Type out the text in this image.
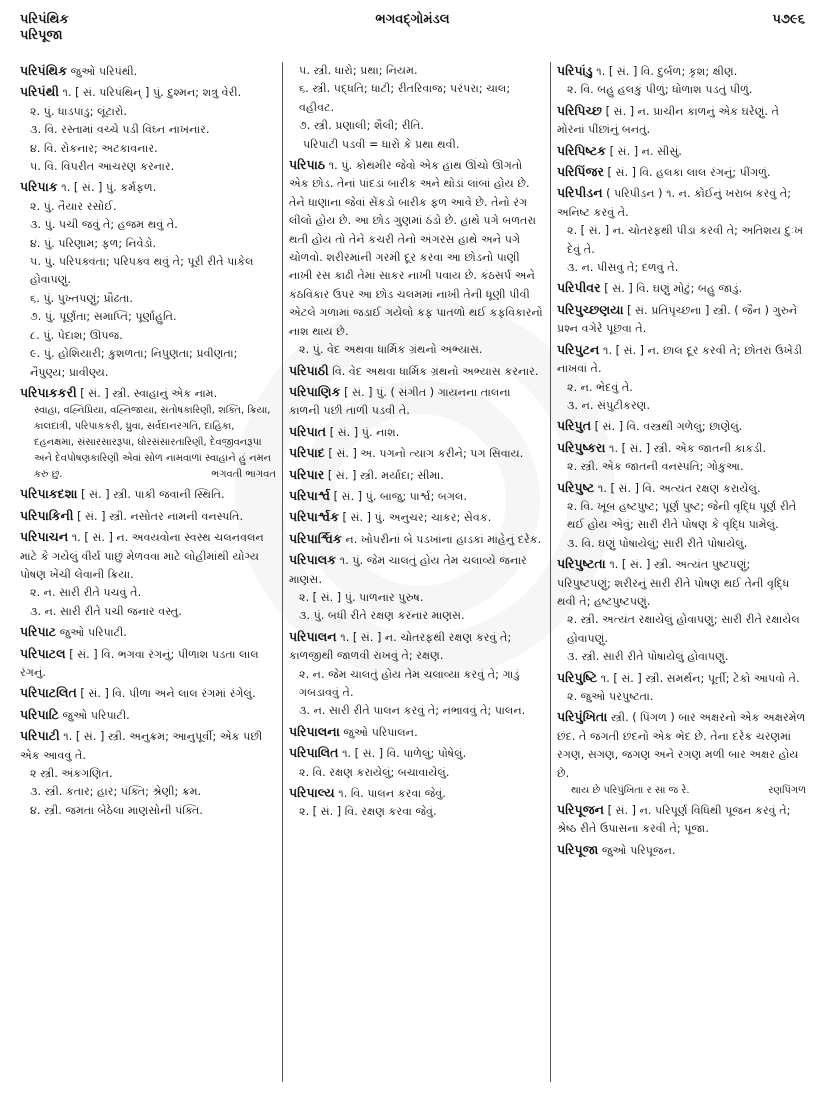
પરિપંથિક
પરિપૂજા
ભગવદ્ગોમંડલ	પ૭૯૬
પરિપંથિક જુઓ પરિપંથી.
પરિપંથી ૧. [ સં. પરિપંથિન્ ] પું. દુશ્મન; શત્રુ વેરી.
૨. પું. ધાડપાડુ; લૂંટારો.
૩. વિ. રસ્તામાં વચ્ચે પડી વિઘ્ન નાખનાર.
૪. વિ. રોકનાર; અટકાવનાર.
૫. વિ. વિપરીત આચરણ કરનાર.
પરિપાક ૧. [ સં. ] પું. કર્મફળ.
૨. પું. તૈયાર રસોઈ.
૩. પું. પચી જવું તે; હજમ થવું તે.
૪. પું. પરિણામ; ફળ; નિવેડો.
૫. પું. પરિપક્વતા; પરિપક્વ થવું તે; પૂરી રીતે પાકેલ હોવાપણું.
૬. પું. પુખ્તપણું; પ્રૌઢતા.
૭. પું. પૂર્ણતા; સમાપ્તિ; પૂર્ણાહુતિ.
૮. પું. પેદાશ; ઊપજ.
૯. પું. હોશિયારી; કુશળતા; નિપુણતા; પ્રવીણતા; નૈપુણ્ય; પ્રાવીણ્ય.
પરિપાકકરી [ સં. ] સ્ત્રી. સ્વાહાનું એક નામ.
સ્વાહા, વહ્નિપ્રિયા, વહ્નિજાયા, સંતોષકારિણી, શક્તિ, ક્રિયા, કાલદાત્રી, પરિપાકકરી, ધ્રુવા, સર્વદાનરગતિ, દાહિકા, દહનક્ષમા, સંસારસારરૂપા, ઘોરસંસારતારિણી, દેવજીવનરૂપા અને દેવપોષણકારિણી એવાં સોળ નામવાળાં સ્વાહાને હું નમન કરું છું.	ભગવતી ભાગવત
પરિપાકદશા [ સં. ] સ્ત્રી. પાકી જવાની સ્થિતિ.
પરિપાકિની [ સં. ] સ્ત્રી. નસોતર નામની વનસ્પતિ.
પરિપાચન ૧. [ સં. ] ન. અવયવોના સ્વસ્થ ચલનવલન માટે કે ગયેલું વીર્ય પાછું મેળવવા માટે લોહીમાંથી યોગ્ય પોષણ ખેંચી લેવાની ક્રિયા.
૨. ન. સારી રીતે પચવું તે.
૩. ન. સારી રીતે પચી જનાર વસ્તુ.
પરિપાટ જુઓ પરિપાટી.
પરિપાટલ [ સં. ] વિ. ભગવા રંગનું; પીળાશ પડતા લાલ રંગનું.
પરિપાટલિત [ સં. ] વિ. પીળા અને લાલ રંગમાં રંગેલું.
પરિપાટિ જુઓ પરિપાટી.
પરિપાટી ૧. [ સં. ] સ્ત્રી. અનુક્રમ; આનુપૂર્વી; એક પછી એક આવવું તે.
૨ સ્ત્રી. અંકગણિત.
૩. સ્ત્રી. કતાર; હાર; પંક્તિ; શ્રેણી; ક્રમ.
૪. સ્ત્રી. જમતા બેઠેલા માણસોની પંક્તિ.
૫. સ્ત્રી. ધારો; પ્રથા; નિયમ.
૬. સ્ત્રી. પદ્ધતિ; ધાટી; રીતરિવાજ; પરંપરા; ચાલ; વહીવટ.
૭. સ્ત્રી. પ્રણાલી; શૈલી; રીતિ.
પરિપાટી પડવી = ધારો કે પ્રથા થવી.
પરિપાઠ ૧. પું. કોથમીર જેવો એક હાથ ઊંચો ઊગતો એક છોડ. તેનાં પાંદડાં બારીક અને થોડાં લાંબાં હોય છે. તેને ધાણાના જેવાં સેંકડો બારીક ફળ આવે છે. તેનો રંગ લીલો હોય છે. આ છોડ ગુણમાં ઠંડો છે. હાથે પગે બળતરા થતી હોય તો તેને કચરી તેનો અંગરસ હાથે અને પગે ચોળવો. શરીરમાંની ગરમી દૂર કરવા આ છોડનો પાણી નાખી રસ કાઢી તેમાં સાકર નાખી પવાય છે. કંઠસર્પ અને કંઠવિકાર ઉપર આ છોડ ચલમમાં નાખી તેની ધૂણી પીવી એટલે ગળામાં જડાઈ ગયેલો કફ પાતળો થઈ કફવિકારનો નાશ થાય છે.
૨. પું. વેદ અથવા ધાર્મિક ગ્રંથનો અભ્યાસ.
પરિપાઠી વિ. વેદ અથવા ધાર્મિક ગ્રંથનો અભ્યાસ કરનાર.
પરિપાણિક [ સં. ] પું. ( સંગીત ) ગાયનના તાલના કાળની પછી તાળી પડવી તે.
પરિપાત [ સં. ] પું. નાશ.
પરિપાદ [ સં. ] અ. પગનો ત્યાગ કરીને; પગ સિવાય.
પરિપાર [ સં. ] સ્ત્રી. મર્યાદા; સીમા.
પરિપાર્શ્વ [ સં. ] પું. બાજુ; પાર્શ્વ; બગલ.
પરિપાર્શ્વક [ સં. ] પું. અનુચર; ચાકર; સેવક.
પરિપાર્શ્વિક ન. ખોપરીનાં બે પડખાંનાં હાડકાં માંહેનું દરેક.
પરિપાલક ૧. પું. જેમ ચાલતું હોય તેમ ચલાવ્યે જનાર માણસ.
૨. [ સં. ] પું. પાળનાર પુરુષ.
૩. પું. બધી રીતે રક્ષણ કરનાર માણસ.
પરિપાલન ૧. [ સં. ] ન. ચોતરફથી રક્ષણ કરવું તે; કાળજીથી જાળવી રાખવું તે; રક્ષણ.
૨. ન. જેમ ચાલતું હોય તેમ ચલાવ્યા કરવું તે; ગાડું ગબડાવવું તે.
૩. ન. સારી રીતે પાલન કરવું તે; નભાવવું તે; પાલન.
પરિપાલના જુઓ પરિપાલન.
પરિપાલિત ૧. [ સં. ] વિ. પાળેલું; પોષેલું.
૨. વિ. રક્ષણ કરાયેલું; બચાવાયેલું.
પરિપાલ્ય ૧. વિ. પાલન કરવા જેવું.
૨. [ સં. ] વિ. રક્ષણ કરવા જેવું.
પરિપાંડુ ૧. [ સં. ] વિ. દુર્બળ; કૃશ; ક્ષીણ.
૨. વિ. બહુ હલકું પીળું; ધોળાશ પડતું પીળું.
પરિપિચ્છ [ સં. ] ન. પ્રાચીન કાળનું એક ઘરેણું. તે મોરનાં પીંછાંનું બનતું.
પરિપિષ્ટક [ સં. ] ન. સીસું.
પરિપિંજર [ સં. ] વિ. હલકા લાલ રંગનું; પીંગળું.
પરિપીડન ( પરિપીડ઼ન ) ૧. ન. કોઈનું ખરાબ કરવું તે; અનિષ્ટ કરવું તે.
૨. [ સં. ] ન. ચોતરફથી પીડા કરવી તે; અતિશય દુઃખ દેવું તે.
૩. ન. પીસવું તે; દળવું તે.
પરિપીવર [ સં. ] વિ. ઘણું મોટું; બહુ જાડું.
પરિપુચ્છણયા [ સં. પ્રતિપૃચ્છના ] સ્ત્રી. ( જૈન ) ગુરુને પ્રશ્ન વગેરે પૂછવા તે.
પરિપુટન ૧. [ સં. ] ન. છાલ દૂર કરવી તે; છોતરાં ઉખેડી નાખવાં તે.
૨. ન. ભેદવું તે.
૩. ન. સંપુટીકરણ.
પરિપુત [ સં. ] વિ. વસ્ત્રથી ગળેલું; છાણેલું.
પરિપુષ્કરા ૧. [ સં. ] સ્ત્રી. એક જાતની કાકડી.
૨. સ્ત્રી. એક જાતની વનસ્પતિ; ગોકુંઆ.
પરિપુષ્ટ ૧. [ સં. ] વિ. અત્યંત રક્ષણ કરાયેલું.
૨. વિ. ખૂબ હષ્ટપુષ્ટ; પૂર્ણ પુષ્ટ; જેની વૃદ્ધિ પૂર્ણ રીતે થઈ હોય એવું; સારી રીતે પોષણ કે વૃદ્ધિ પામેલું.
૩. વિ. ઘણું પોષાયેલું; સારી રીતે પોષાયેલું.
પરિપુષ્ટતા ૧. [ સં. ] સ્ત્રી. અત્યંત પુષ્ટપણું; પરિપુષ્ટપણું; શરીરનું સારી રીતે પોષણ થઈ તેની વૃદ્ધિ થવી તે; હષ્ટપુષ્ટપણું.
૨. સ્ત્રી. અત્યંત રક્ષાયેલું હોવાપણું; સારી રીતે રક્ષાયેલ હોવાપણું.
૩. સ્ત્રી. સારી રીતે પોષાયેલું હોવાપણું.
પરિપુષ્ટિ ૧. [ સં. ] સ્ત્રી. સમર્થન; પૂર્તી; ટેકો આપવો તે.
૨. જુઓ પરપુષ્ટતા.
પરિપુંખિતા સ્ત્રી. ( પિંગળ ) બાર અક્ષરનો એક અક્ષરમેળ છંદ. તે જગતી છંદનો એક ભેદ છે. તેના દરેક ચરણમાં રગણ, સગણ, જગણ અને રગણ મળી બાર અક્ષર હોય છે.
થાય છે પરિપુંખિતા ર સા જ રે.	રણપિંગળ
પરિપૂજન [ સં. ] ન. પરિપૂર્ણ વિધિથી પૂજન કરવું તે; શ્રેષ્ઠ રીતે ઉપાસના કરવી તે; પૂજા.
પરિપૂજા જુઓ પરિપૂજન.
